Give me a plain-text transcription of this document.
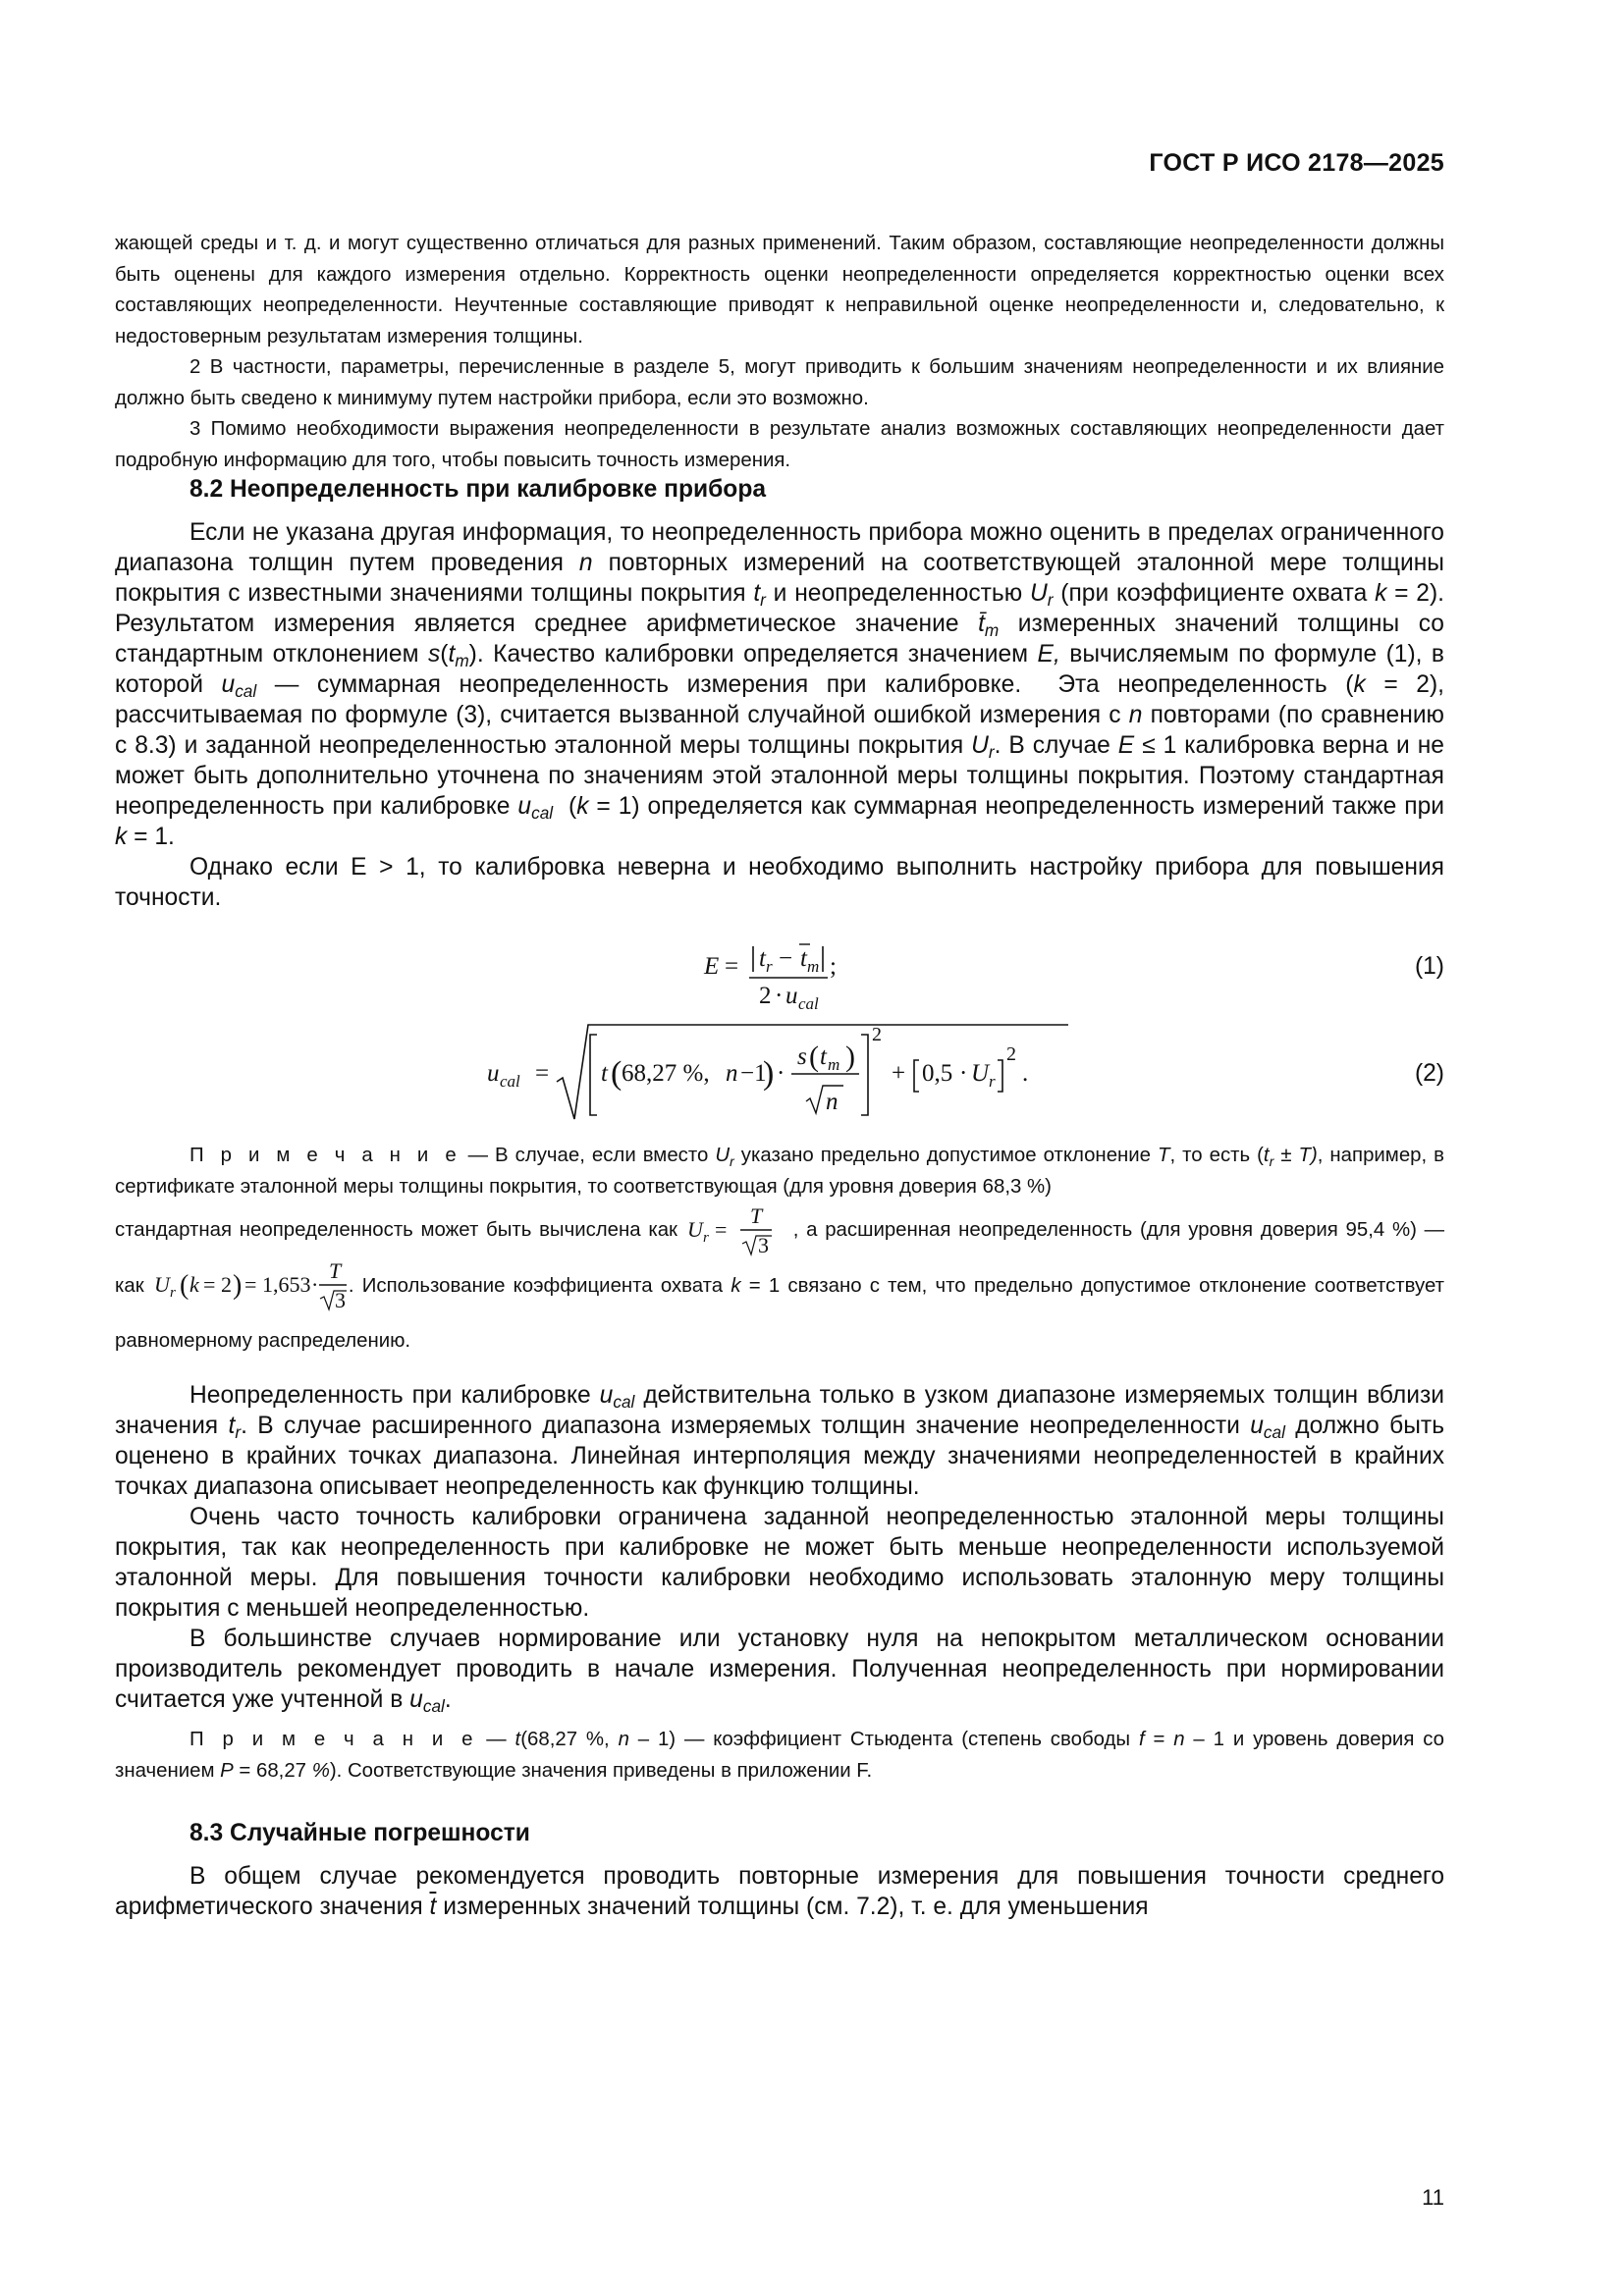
ГОСТ Р ИСО 2178—2025

жающей среды и т. д. и могут существенно отличаться для разных применений. Таким образом, составляющие неопределенности должны быть оценены для каждого измерения отдельно. Корректность оценки неопределенности определяется корректностью оценки всех составляющих неопределенности. Неучтенные составляющие приводят к неправильной оценке неопределенности и, следовательно, к недостоверным результатам измерения толщины.

2 В частности, параметры, перечисленные в разделе 5, могут приводить к большим значениям неопределенности и их влияние должно быть сведено к минимуму путем настройки прибора, если это возможно.

3 Помимо необходимости выражения неопределенности в результате анализ возможных составляющих неопределенности дает подробную информацию для того, чтобы повысить точность измерения.

8.2 Неопределенность при калибровке прибора

Если не указана другая информация, то неопределенность прибора можно оценить в пределах ограниченного диапазона толщин путем проведения n повторных измерений на соответствующей эталонной мере толщины покрытия с известными значениями толщины покрытия $t_r$ и неопределенностью $U_r$ (при коэффициенте охвата k = 2). Результатом измерения является среднее арифметическое значение $t̄_m$ измеренных значений толщины со стандартным отклонением $s(t_m)$. Качество калибровки определяется значением E, вычисляемым по формуле (1), в которой $u_{cal}$ — суммарная неопределенность измерения при калибровке.  Эта неопределенность (k = 2), рассчитываемая по формуле (3), считается вызванной случайной ошибкой измерения с n повторами (по сравнению с 8.3) и заданной неопределенностью эталонной меры толщины покрытия $U_r$. В случае E ≤ 1 калибровка верна и не может быть дополнительно уточнена по значениям этой эталонной меры толщины покрытия. Поэтому стандартная неопределенность при калибровке $u_{cal}$  (k = 1) определяется как суммарная неопределенность измерений также при k = 1.

Однако если E > 1, то калибровка неверна и необходимо выполнить настройку прибора для повышения точности.

E = t r − t m
2 · u cal
;	(1)
u cal = t ( 68,27 %, n −1
) ·
s ( t m )
n
2
+ 0,5 · U r
2
.	(2)

П р и м е ч а н и е — В случае, если вместо $U_r$ указано предельно допустимое отклонение T, то есть $(t_r \pm T)$, например, в сертификате эталонной меры толщины покрытия, то соответствующая (для уровня доверия 68,3 %)

стандартная неопределенность может быть вычислена как U r =
T
3
, а расширенная неопределенность (для уровня доверия 95,4 %) — как U r ( k = 2 ) = 1,653 ·
T
3
. Использование коэффициента охвата k = 1 связано с тем, что предельно допустимое отклонение соответствует равномерному распределению.

Неопределенность при калибровке $u_{cal}$ действительна только в узком диапазоне измеряемых толщин вблизи значения $t_r$. В случае расширенного диапазона измеряемых толщин значение неопределенности $u_{cal}$ должно быть оценено в крайних точках диапазона. Линейная интерполяция между значениями неопределенностей в крайних точках диапазона описывает неопределенность как функцию толщины.

Очень часто точность калибровки ограничена заданной неопределенностью эталонной меры толщины покрытия, так как неопределенность при калибровке не может быть меньше неопределенности используемой эталонной меры. Для повышения точности калибровки необходимо использовать эталонную меру толщины покрытия с меньшей неопределенностью.

В большинстве случаев нормирование или установку нуля на непокрытом металлическом основании производитель рекомендует проводить в начале измерения. Полученная неопределенность при нормировании считается уже учтенной в $u_{cal}$.

П р и м е ч а н и е — t(68,27 %, n – 1) — коэффициент Стьюдента (степень свободы f = n – 1 и уровень доверия со значением P = 68,27 %). Соответствующие значения приведены в приложении F.

8.3 Случайные погрешности

В общем случае рекомендуется проводить повторные измерения для повышения точности среднего арифметического значения $\overline{t}$ измеренных значений толщины (см. 7.2), т. е. для уменьшения

11
